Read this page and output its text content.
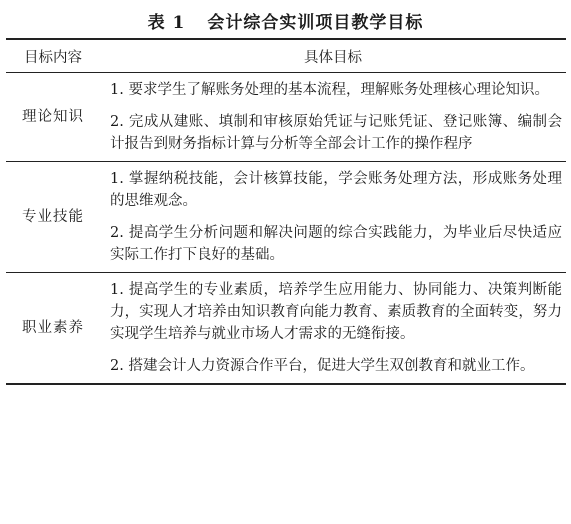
表 1 会计综合实训项目教学目标
目标内容	具体目标
理论知识	1. 要求学生了解账务处理的基本流程，理解账务处理核心理论知识。

2. 完成从建账、填制和审核原始凭证与记账凭证、登记账簿、编制会计报告到财务指标计算与分析等全部会计工作的操作程序

专业技能	1. 掌握纳税技能，会计核算技能，学会账务处理方法，形成账务处理的思维观念。

2. 提高学生分析问题和解决问题的综合实践能力，为毕业后尽快适应实际工作打下良好的基础。

职业素养	1. 提高学生的专业素质，培养学生应用能力、协同能力、决策判断能力，实现人才培养由知识教育向能力教育、素质教育的全面转变，努力实现学生培养与就业市场人才需求的无缝衔接。

2. 搭建会计人力资源合作平台，促进大学生双创教育和就业工作。
